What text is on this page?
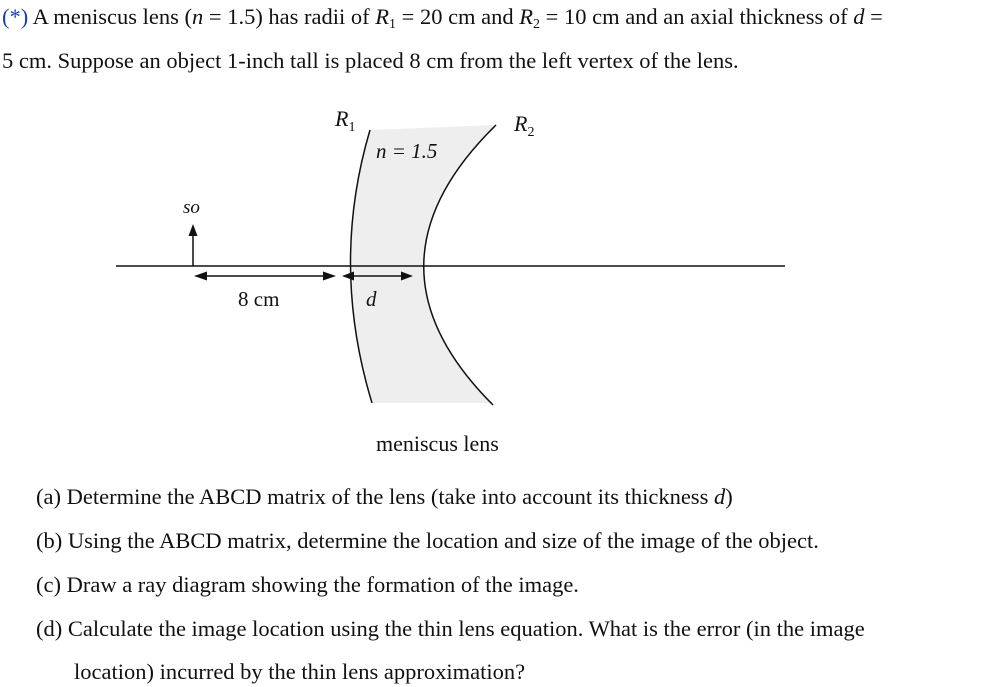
(*) A meniscus lens (n = 1.5) has radii of $R_1 = 20$ cm and $R_2 = 10$ cm and an axial thickness of d =
5 cm. Suppose an object 1-inch tall is placed 8 cm from the left vertex of the lens.
$R_1$	$R_2$
n = 1.5
so
8 cm	d
meniscus lens
(a) Determine the ABCD matrix of the lens (take into account its thickness d)
(b) Using the ABCD matrix, determine the location and size of the image of the object.
(c) Draw a ray diagram showing the formation of the image.
(d) Calculate the image location using the thin lens equation. What is the error (in the image
location) incurred by the thin lens approximation?
